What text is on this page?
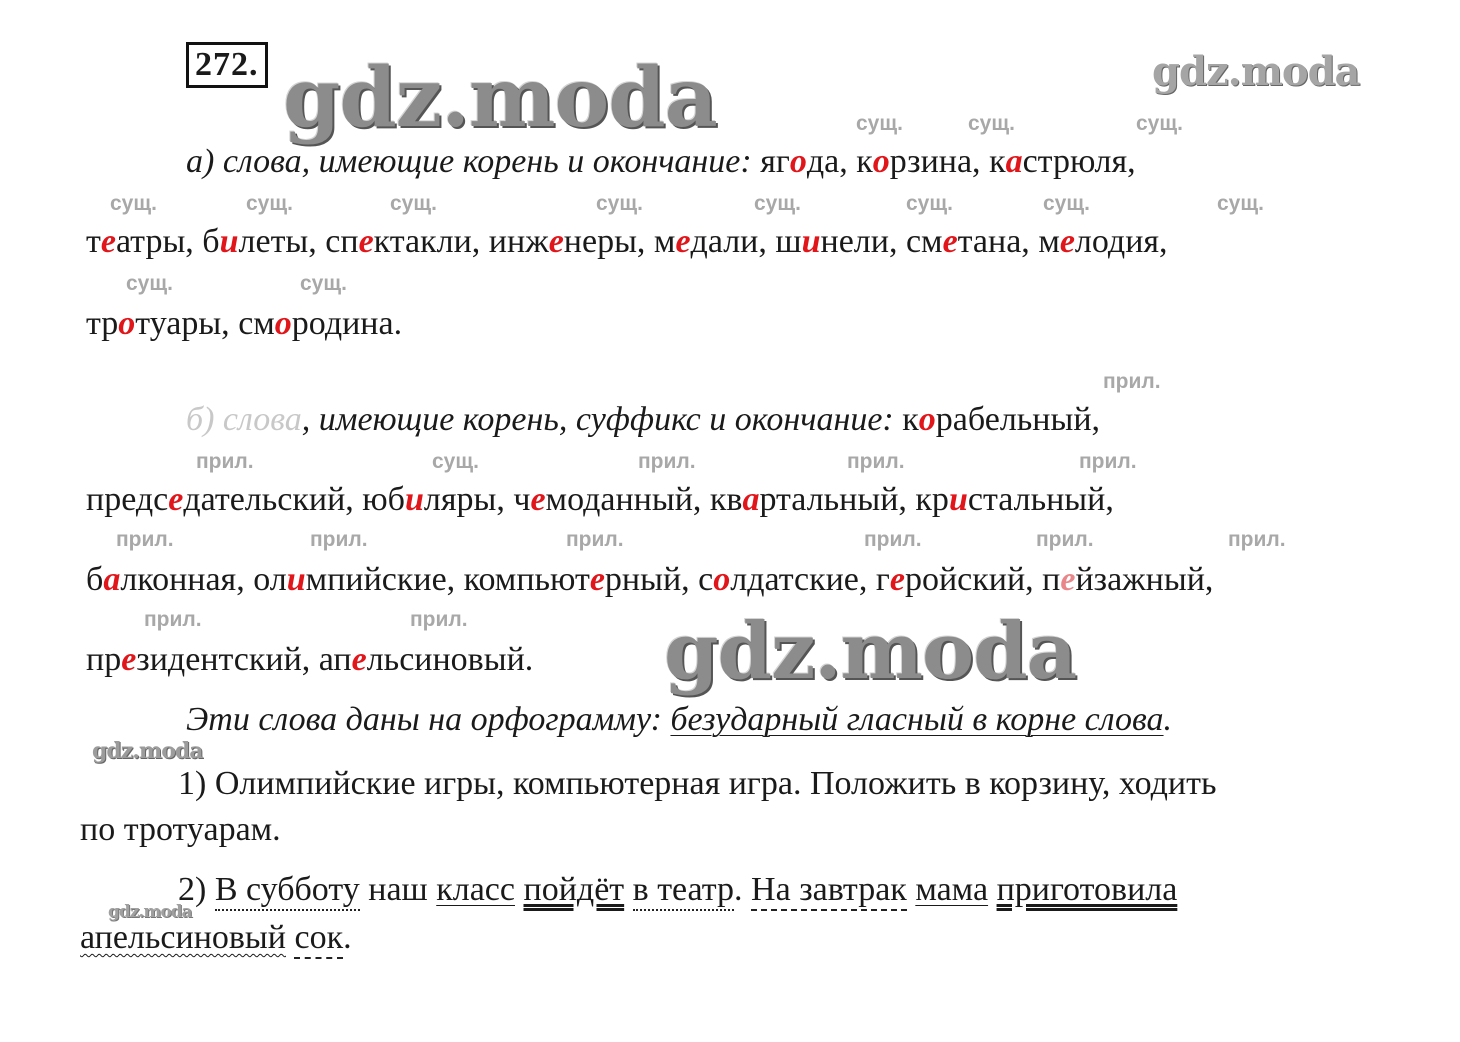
272. gdz.moda	gdz.moda
gdz.moda
gdz.moda
gdz.moda
сущ.	сущ.	сущ.
а) слова, имеющие корень и окончание: ягода, корзина, кастрюля,
сущ.	сущ.	сущ.	сущ.	сущ.	сущ.	сущ.	сущ.
театры, билеты, спектакли, инженеры, медали, шинели, сметана, мелодия,
сущ.	сущ.
тротуары, смородина.
прил.
б) слова, имеющие корень, суффикс и окончание: корабельный,
прил.	сущ.	прил.	прил.	прил.
председательский, юбиляры, чемоданный, квартальный, кристальный,
прил.	прил.	прил.	прил.	прил.	прил.
балконная, олимпийские, компьютерный, солдатские, геройский, пейзажный,
прил.	прил.
президентский, апельсиновый.
Эти слова даны на орфограмму: безударный гласный в корне слова.
1) Олимпийские игры, компьютерная игра. Положить в корзину, ходить
по тротуарам.
2) В субботу наш класс пойдёт в театр. На завтрак мама приготовила
апельсиновый сок.
